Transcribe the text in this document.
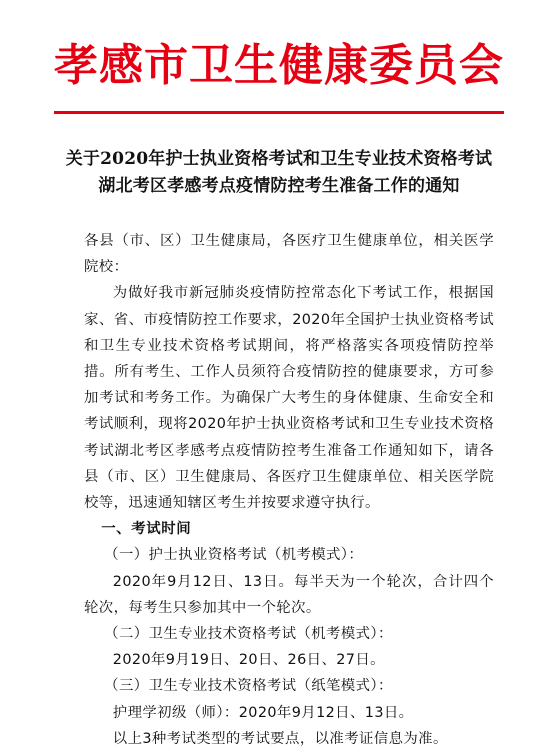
孝感市卫生健康委员会
关于2020年护士执业资格考试和卫生专业技术资格考试
湖北考区孝感考点疫情防控考生准备工作的通知

各县（市、区）卫生健康局，各医疗卫生健康单位，相关医学院校：

为做好我市新冠肺炎疫情防控常态化下考试工作，根据国家、省、市疫情防控工作要求，2020年全国护士执业资格考试和卫生专业技术资格考试期间，将严格落实各项疫情防控举措。所有考生、工作人员须符合疫情防控的健康要求，方可参加考试和考务工作。为确保广大考生的身体健康、生命安全和考试顺利，现将2020年护士执业资格考试和卫生专业技术资格考试湖北考区孝感考点疫情防控考生准备工作通知如下，请各县（市、区）卫生健康局、各医疗卫生健康单位、相关医学院校等，迅速通知辖区考生并按要求遵守执行。

一、考试时间

（一）护士执业资格考试（机考模式）：

2020年9月12日、13日。每半天为一个轮次，合计四个轮次，每考生只参加其中一个轮次。

（二）卫生专业技术资格考试（机考模式）：

2020年9月19日、20日、26日、27日。

（三）卫生专业技术资格考试（纸笔模式）：

护理学初级（师）：2020年9月12日、13日。

以上3种考试类型的考试要点，以准考证信息为准。
